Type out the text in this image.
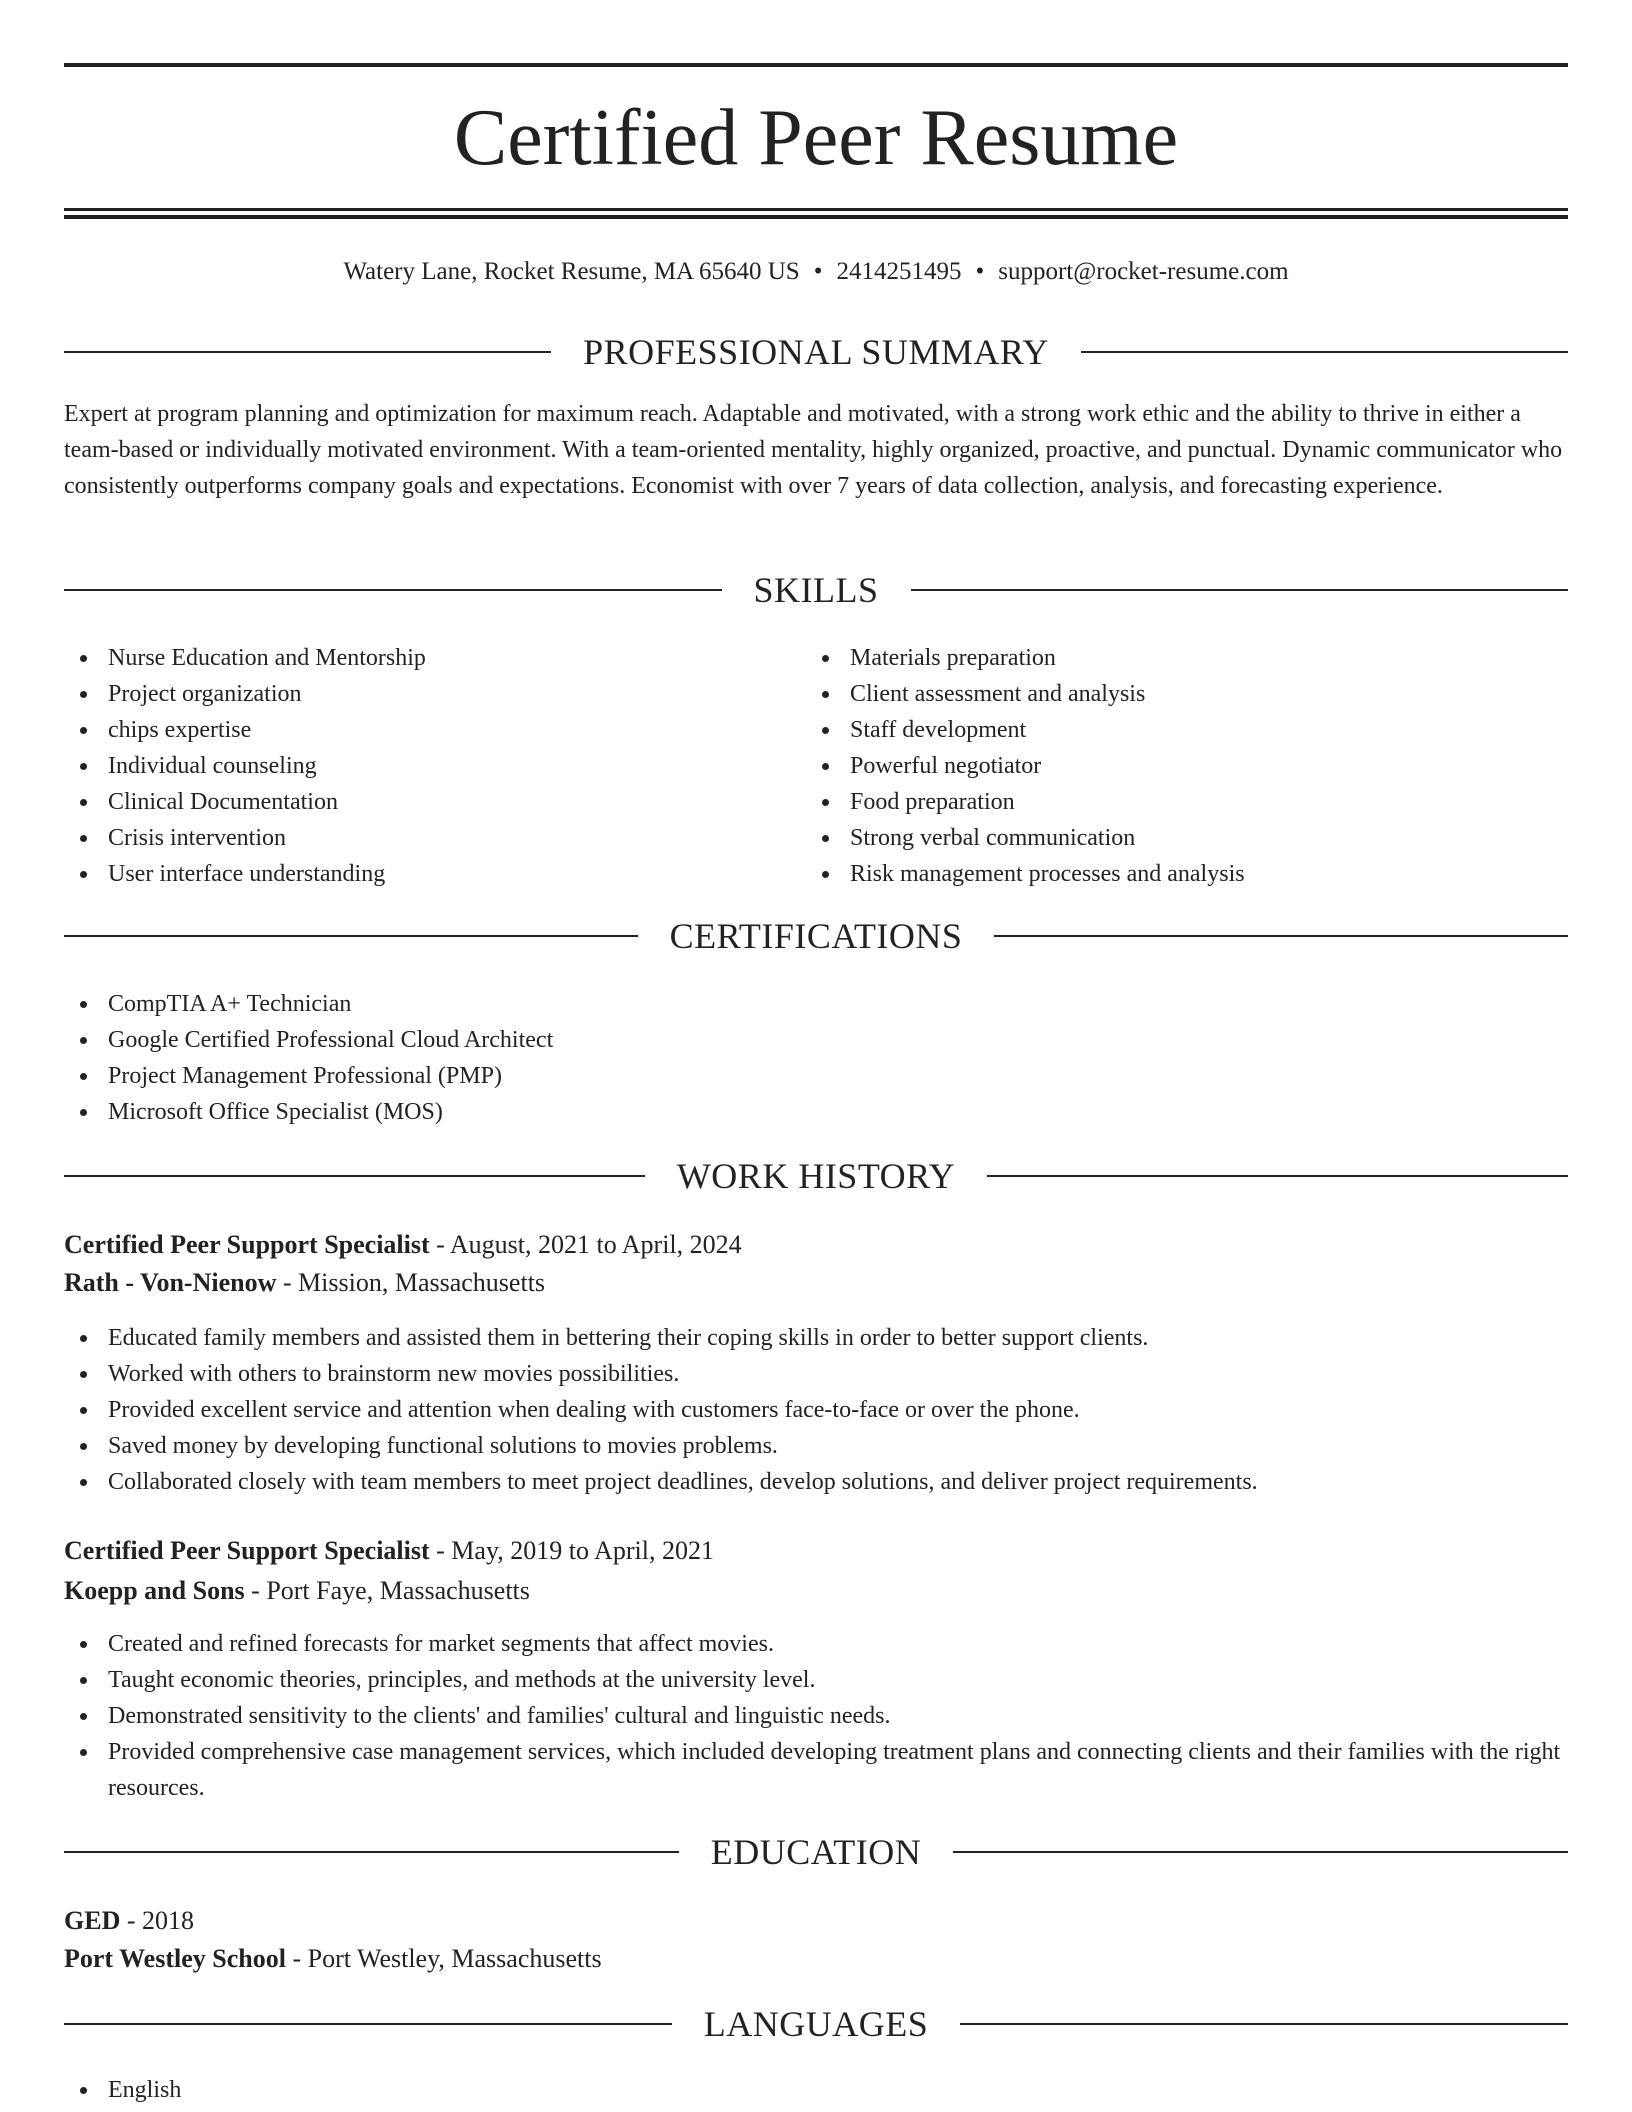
Certified Peer Resume
Watery Lane, Rocket Resume, MA 65640 US • 2414251495 • support@rocket-resume.com
PROFESSIONAL SUMMARY
Expert at program planning and optimization for maximum reach. Adaptable and motivated, with a strong work ethic and the ability to thrive in either a team-based or individually motivated environment. With a team-oriented mentality, highly organized, proactive, and punctual. Dynamic communicator who consistently outperforms company goals and expectations. Economist with over 7 years of data collection, analysis, and forecasting experience.
SKILLS
Nurse Education and Mentorship
Project organization
chips expertise
Individual counseling
Clinical Documentation
Crisis intervention
User interface understanding
Materials preparation
Client assessment and analysis
Staff development
Powerful negotiator
Food preparation
Strong verbal communication
Risk management processes and analysis
CERTIFICATIONS
CompTIA A+ Technician
Google Certified Professional Cloud Architect
Project Management Professional (PMP)
Microsoft Office Specialist (MOS)
WORK HISTORY
Certified Peer Support Specialist - August, 2021 to April, 2024
Rath - Von-Nienow - Mission, Massachusetts
Educated family members and assisted them in bettering their coping skills in order to better support clients.
Worked with others to brainstorm new movies possibilities.
Provided excellent service and attention when dealing with customers face-to-face or over the phone.
Saved money by developing functional solutions to movies problems.
Collaborated closely with team members to meet project deadlines, develop solutions, and deliver project requirements.
Certified Peer Support Specialist - May, 2019 to April, 2021
Koepp and Sons - Port Faye, Massachusetts
Created and refined forecasts for market segments that affect movies.
Taught economic theories, principles, and methods at the university level.
Demonstrated sensitivity to the clients' and families' cultural and linguistic needs.
Provided comprehensive case management services, which included developing treatment plans and connecting clients and their families with the right resources.
EDUCATION
GED - 2018
Port Westley School - Port Westley, Massachusetts
LANGUAGES
English
